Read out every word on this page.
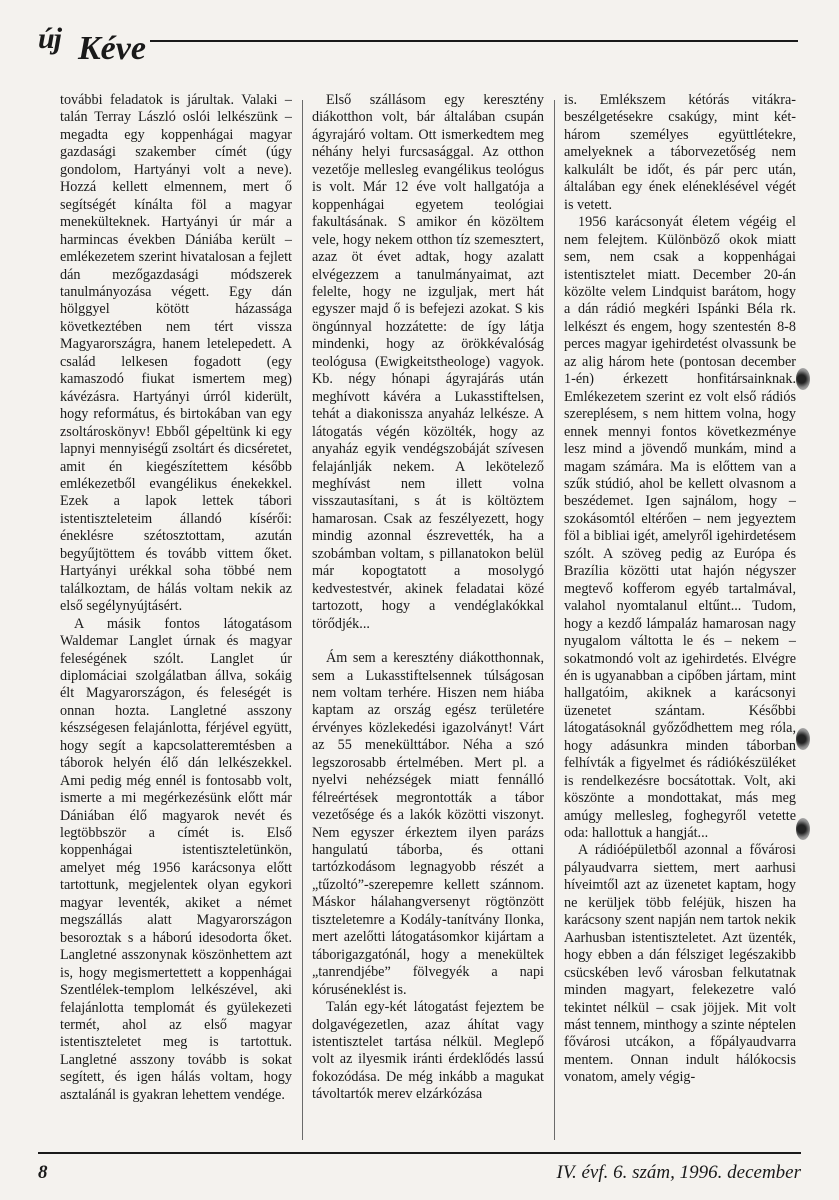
új Kéve

további feladatok is járultak. Valaki – talán Terray László oslói lelkészünk – megadta egy koppenhágai magyar gazdasági szakember címét (úgy gondolom, Hartyányi volt a neve). Hozzá kellett elmennem, mert ő segítségét kínálta föl a magyar menekülteknek. Hartyányi úr már a harmincas években Dániába került – emlékezetem szerint hivatalosan a fejlett dán mezőgazdasági módszerek tanulmányozása végett. Egy dán hölggyel kötött házassága következtében nem tért vissza Magyarországra, hanem letelepedett. A család lelkesen fogadott (egy kamaszodó fiukat ismertem meg) kávézásra. Hartyányi úrról kiderült, hogy református, és birtokában van egy zsoltároskönyv! Ebből gépeltünk ki egy lapnyi mennyiségű zsoltárt és dicséretet, amit én kiegészítettem később emlékezetből evangélikus énekekkel. Ezek a lapok lettek tábori istentiszteleteim állandó kísérői: éneklésre szétosztottam, azután begyűjtöttem és tovább vittem őket. Hartyányi urékkal soha többé nem találkoztam, de hálás voltam nekik az első segélynyújtásért.

A másik fontos látogatásom Waldemar Langlet úrnak és magyar feleségének szólt. Langlet úr diplomáciai szolgálatban állva, sokáig élt Magyarországon, és feleségét is onnan hozta. Langletné asszony készségesen felajánlotta, férjével együtt, hogy segít a kapcsolatteremtésben a táborok helyén élő dán lelkészekkel. Ami pedig még ennél is fontosabb volt, ismerte a mi megérkezésünk előtt már Dániában élő magyarok nevét és legtöbbször a címét is. Első koppenhágai istentiszteletünkön, amelyet még 1956 karácsonya előtt tartottunk, megjelentek olyan egykori magyar leventék, akiket a német megszállás alatt Magyarországon besoroztak s a háború idesodorta őket. Langletné asszonynak köszönhettem azt is, hogy megismertettett a koppenhágai Szentlélek-templom lelkészével, aki felajánlotta templomát és gyülekezeti termét, ahol az első magyar istentiszteletet meg is tartottuk. Langletné asszony tovább is sokat segített, és igen hálás voltam, hogy asztalánál is gyakran lehettem vendége.

Első szállásom egy keresztény diákotthon volt, bár általában csupán ágyrajáró voltam. Ott ismerkedtem meg néhány helyi furcsasággal. Az otthon vezetője mellesleg evangélikus teológus is volt. Már 12 éve volt hallgatója a koppenhágai egyetem teológiai fakultásának. S amikor én közöltem vele, hogy nekem otthon tíz szemesztert, azaz öt évet adtak, hogy azalatt elvégezzem a tanulmányaimat, azt felelte, hogy ne izguljak, mert hát egyszer majd ő is befejezi azokat. S kis öngúnnyal hozzátette: de így látja mindenki, hogy az örökkévalóság teológusa (Ewigkeitstheologe) vagyok. Kb. négy hónapi ágyrajárás után meghívott kávéra a Lukasstiftelsen, tehát a diakonissza anyaház lelkésze. A látogatás végén közölték, hogy az anyaház egyik vendégszobáját szívesen felajánlják nekem. A lekötelező meghívást nem illett volna visszautasítani, s át is költöztem hamarosan. Csak az feszélyezett, hogy mindig azonnal észrevették, ha a szobámban voltam, s pillanatokon belül már kopogtatott a mosolygó kedvestestvér, akinek feladatai közé tartozott, hogy a vendéglakókkal törődjék...

Ám sem a keresztény diákotthonnak, sem a Lukasstiftelsennek túlságosan nem voltam terhére. Hiszen nem hiába kaptam az ország egész területére érvényes közlekedési igazolványt! Várt az 55 menekülttábor. Néha a szó legszorosabb értelmében. Mert pl. a nyelvi nehézségek miatt fennálló félreértések megrontották a tábor vezetősége és a lakók közötti viszonyt. Nem egyszer érkeztem ilyen parázs hangulatú táborba, és ottani tartózkodásom legnagyobb részét a „tűzoltó”-szerepemre kellett szánnom. Máskor hálahangversenyt rögtönzött tiszteletemre a Kodály-tanítvány Ilonka, mert azelőtti látogatásomkor kijártam a táborigazgatónál, hogy a menekültek „tanrendjébe” fölvegyék a napi kóruséneklést is.

Talán egy-két látogatást fejeztem be dolgavégezetlen, azaz áhítat vagy istentisztelet tartása nélkül. Meglepő volt az ilyesmik iránti érdeklődés lassú fokozódása. De még inkább a magukat távoltartók merev elzárkózása

is. Emlékszem kétórás vitákra-beszélgetésekre csakúgy, mint két-három személyes együttlétekre, amelyeknek a táborvezetőség nem kalkulált be időt, és pár perc után, általában egy ének eléneklésével végét is vetett.

1956 karácsonyát életem végéig el nem felejtem. Különböző okok miatt sem, nem csak a koppenhágai istentisztelet miatt. December 20-án közölte velem Lindquist barátom, hogy a dán rádió megkéri Ispánki Béla rk. lelkészt és engem, hogy szentestén 8-8 perces magyar igehirdetést olvassunk be az alig három hete (pontosan december 1-én) érkezett honfitársainknak. Emlékezetem szerint ez volt első rádiós szereplésem, s nem hittem volna, hogy ennek mennyi fontos következménye lesz mind a jövendő munkám, mind a magam számára. Ma is előttem van a szűk stúdió, ahol be kellett olvasnom a beszédemet. Igen sajnálom, hogy – szokásomtól eltérően – nem jegyeztem föl a bibliai igét, amelyről igehirdetésem szólt. A szöveg pedig az Európa és Brazília közötti utat hajón négyszer megtevő kofferom egyéb tartalmával, valahol nyomtalanul eltűnt... Tudom, hogy a kezdő lámpaláz hamarosan nagy nyugalom váltotta le és – nekem – sokatmondó volt az igehirdetés. Elvégre én is ugyanabban a cipőben jártam, mint hallgatóim, akiknek a karácsonyi üzenetet szántam. Későbbi látogatásoknál győződhettem meg róla, hogy adásunkra minden táborban felhívták a figyelmet és rádiókészüléket is rendelkezésre bocsátottak. Volt, aki köszönte a mondottakat, más meg amúgy mellesleg, foghegyről vetette oda: hallottuk a hangját...

A rádióépületből azonnal a fővárosi pályaudvarra siettem, mert aarhusi híveimtől azt az üzenetet kaptam, hogy ne kerüljek több feléjük, hiszen ha karácsony szent napján nem tartok nekik Aarhusban istentiszteletet. Azt üzenték, hogy ebben a dán félsziget legészakibb csücskében levő városban felkutatnak minden magyart, felekezetre való tekintet nélkül – csak jöjjek. Mit volt mást tennem, minthogy a szinte néptelen fővárosi utcákon, a főpályaudvarra mentem. Onnan indult hálókocsis vonatom, amely végig-

8	IV. évf. 6. szám, 1996. december
